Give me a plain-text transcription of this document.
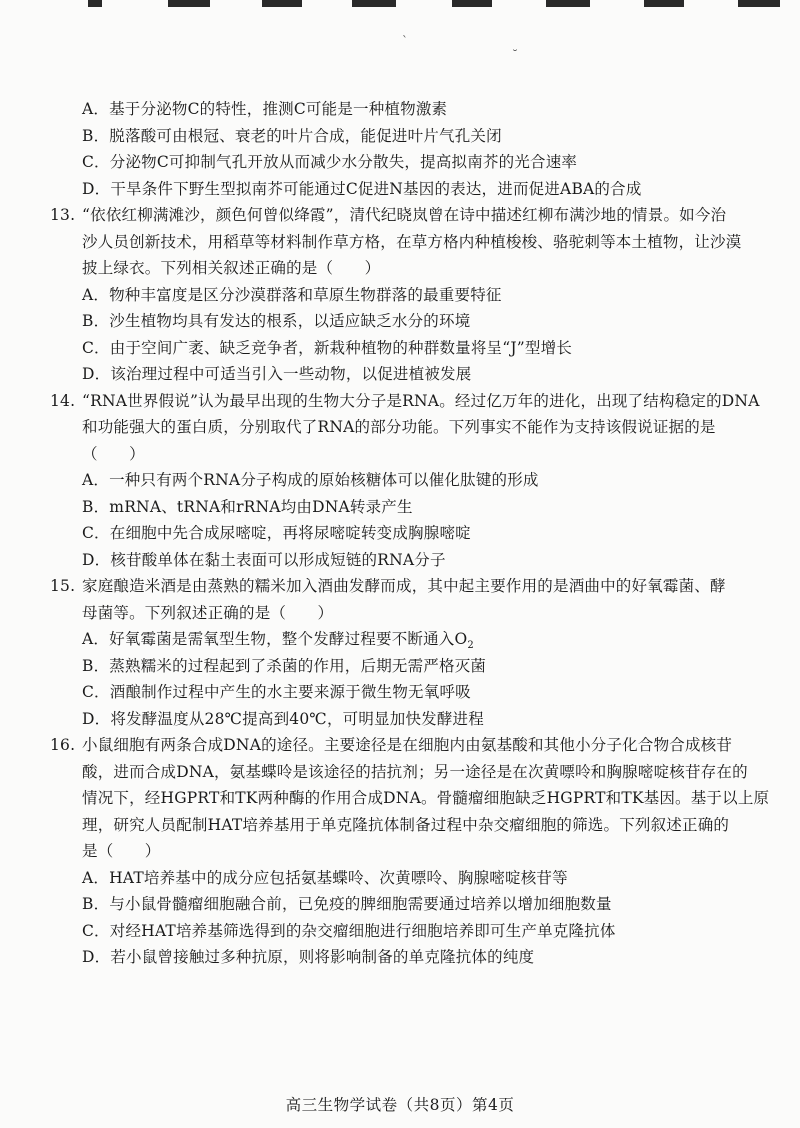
`
˘
A．基于分泌物C的特性，推测C可能是一种植物激素
B．脱落酸可由根冠、衰老的叶片合成，能促进叶片气孔关闭
C．分泌物C可抑制气孔开放从而减少水分散失，提高拟南芥的光合速率
D．干旱条件下野生型拟南芥可能通过C促进N基因的表达，进而促进ABA的合成
13. “依依红柳满滩沙，颜色何曾似绛霞”，清代纪晓岚曾在诗中描述红柳布满沙地的情景。如今治
沙人员创新技术，用稻草等材料制作草方格，在草方格内种植梭梭、骆驼刺等本土植物，让沙漠
披上绿衣。下列相关叙述正确的是（　　）
A．物种丰富度是区分沙漠群落和草原生物群落的最重要特征
B．沙生植物均具有发达的根系，以适应缺乏水分的环境
C．由于空间广袤、缺乏竞争者，新栽种植物的种群数量将呈“J”型增长
D．该治理过程中可适当引入一些动物，以促进植被发展
14. “RNA世界假说”认为最早出现的生物大分子是RNA。经过亿万年的进化，出现了结构稳定的DNA
和功能强大的蛋白质，分别取代了RNA的部分功能。下列事实不能作为支持该假说证据的是
（　　）
A．一种只有两个RNA分子构成的原始核糖体可以催化肽键的形成
B．mRNA、tRNA和rRNA均由DNA转录产生
C．在细胞中先合成尿嘧啶，再将尿嘧啶转变成胸腺嘧啶
D．核苷酸单体在黏土表面可以形成短链的RNA分子
15. 家庭酿造米酒是由蒸熟的糯米加入酒曲发酵而成，其中起主要作用的是酒曲中的好氧霉菌、酵
母菌等。下列叙述正确的是（　　）
A．好氧霉菌是需氧型生物，整个发酵过程要不断通入$O_2$
B．蒸熟糯米的过程起到了杀菌的作用，后期无需严格灭菌
C．酒酿制作过程中产生的水主要来源于微生物无氧呼吸
D．将发酵温度从28℃提高到40℃，可明显加快发酵进程
16. 小鼠细胞有两条合成DNA的途径。主要途径是在细胞内由氨基酸和其他小分子化合物合成核苷
酸，进而合成DNA，氨基蝶呤是该途径的拮抗剂；另一途径是在次黄嘌呤和胸腺嘧啶核苷存在的
情况下，经HGPRT和TK两种酶的作用合成DNA。骨髓瘤细胞缺乏HGPRT和TK基因。基于以上原
理，研究人员配制HAT培养基用于单克隆抗体制备过程中杂交瘤细胞的筛选。下列叙述正确的
是（　　）
A．HAT培养基中的成分应包括氨基蝶呤、次黄嘌呤、胸腺嘧啶核苷等
B．与小鼠骨髓瘤细胞融合前，已免疫的脾细胞需要通过培养以增加细胞数量
C．对经HAT培养基筛选得到的杂交瘤细胞进行细胞培养即可生产单克隆抗体
D．若小鼠曾接触过多种抗原，则将影响制备的单克隆抗体的纯度
高三生物学试卷（共8页）第4页
